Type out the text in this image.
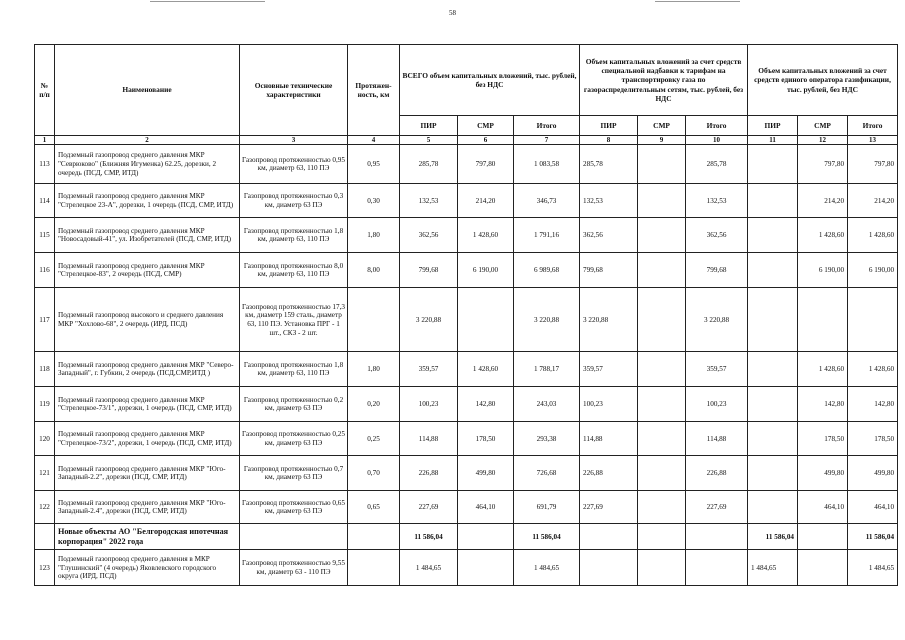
58
№ п/п	Наименование	Основные технические характеристики	Протяжен-ность, км	ВСЕГО объем капитальных вложений, тыс. рублей, без НДС			Объем капитальных вложений за счет средств специальной надбавки к тарифам на транспортировку газа по газораспределительным сетям, тыс. рублей, без НДС			Объем капитальных вложений за счет средств единого оператора газификации, тыс. рублей, без НДС		
				ПИР	СМР	Итого	ПИР	СМР	Итого	ПИР	СМР	Итого
1	2	3	4	5	6	7	8	9	10	11	12	13
113	Подземный газопровод среднего давления МКР "Севрюково" (Ближняя Игуменка) 62.25, дорезки, 2 очередь (ПСД, СМР, ИТД)	Газопровод протяженностью 0,95 км, диаметр 63, 110 ПЭ	0,95	285,78	797,80	1 083,58	285,78		285,78		797,80	797,80
114	Подземный газопровод среднего давления МКР "Стрелецкое 23-А", дорезки, 1 очередь (ПСД, СМР, ИТД)	Газопровод протяженностью 0,3 км, диаметр 63 ПЭ	0,30	132,53	214,20	346,73	132,53		132,53		214,20	214,20
115	Подземный газопровод среднего давления МКР "Новосадовый-41", ул. Изобретателей (ПСД, СМР, ИТД)	Газопровод протяженностью 1,8 км, диаметр 63, 110 ПЭ	1,80	362,56	1 428,60	1 791,16	362,56		362,56		1 428,60	1 428,60
116	Подземный газопровод среднего давления МКР "Стрелецкое-83", 2 очередь (ПСД, СМР)	Газопровод протяженностью 8,0 км, диаметр 63, 110 ПЭ	8,00	799,68	6 190,00	6 989,68	799,68		799,68		6 190,00	6 190,00
117	Подземный газопровод высокого и среднего давления МКР "Хохлово-68", 2 очередь (ИРД, ПСД)	Газопровод протяженностью 17,3 км, диаметр 159 сталь, диаметр 63, 110 ПЭ. Установка ПРГ - 1 шт., СКЗ - 2 шт.		3 220,88		3 220,88	3 220,88		3 220,88			
118	Подземный газопровод среднего давления МКР "Северо-Западный", г. Губкин, 2 очередь (ПСД,СМР,ИТД )	Газопровод протяженностью 1,8 км, диаметр 63, 110 ПЭ	1,80	359,57	1 428,60	1 788,17	359,57		359,57		1 428,60	1 428,60
119	Подземный газопровод среднего давления МКР "Стрелецкое-73/1", дорезки, 1 очередь (ПСД, СМР, ИТД)	Газопровод протяженностью 0,2 км, диаметр 63 ПЭ	0,20	100,23	142,80	243,03	100,23		100,23		142,80	142,80
120	Подземный газопровод среднего давления МКР "Стрелецкое-73/2", дорезки, 1 очередь (ПСД, СМР, ИТД)	Газопровод протяженностью 0,25 км, диаметр 63 ПЭ	0,25	114,88	178,50	293,38	114,88		114,88		178,50	178,50
121	Подземный газопровод среднего давления МКР "Юго-Западный-2.2", дорезки (ПСД, СМР, ИТД)	Газопровод протяженностью 0,7 км, диаметр 63 ПЭ	0,70	226,88	499,80	726,68	226,88		226,88		499,80	499,80
122	Подземный газопровод среднего давления МКР "Юго-Западный-2.4", дорезки (ПСД, СМР, ИТД)	Газопровод протяженностью 0,65 км, диаметр 63 ПЭ	0,65	227,69	464,10	691,79	227,69		227,69		464,10	464,10
	Новые объекты АО "Белгородская ипотечная корпорация" 2022 года			11 586,04		11 586,04				11 586,04		11 586,04
123	Подземный газопровод среднего давления в МКР "Глушинский" (4 очередь) Яковлевского городского округа (ИРД, ПСД)	Газопровод протяженностью 9,55 км, диаметр 63 - 110 ПЭ		1 484,65		1 484,65				1 484,65		1 484,65
